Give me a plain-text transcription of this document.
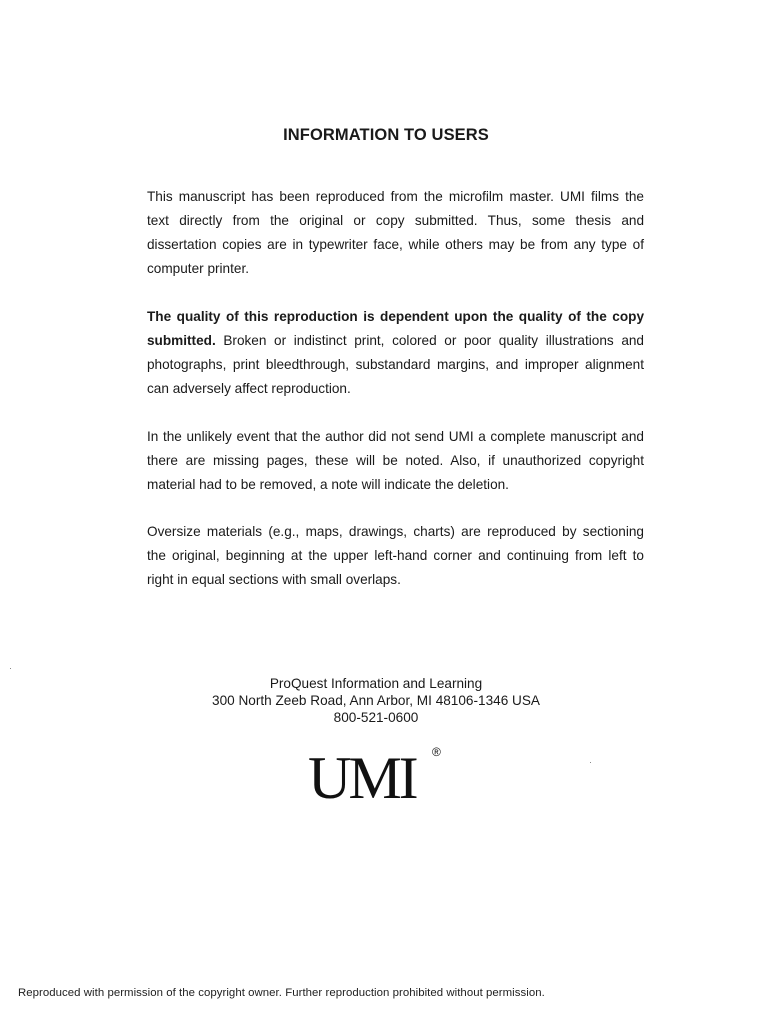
INFORMATION TO USERS
This manuscript has been reproduced from the microfilm master. UMI films the text directly from the original or copy submitted. Thus, some thesis and dissertation copies are in typewriter face, while others may be from any type of computer printer.
The quality of this reproduction is dependent upon the quality of the copy submitted. Broken or indistinct print, colored or poor quality illustrations and photographs, print bleedthrough, substandard margins, and improper alignment can adversely affect reproduction.
In the unlikely event that the author did not send UMI a complete manuscript and there are missing pages, these will be noted. Also, if unauthorized copyright material had to be removed, a note will indicate the deletion.
Oversize materials (e.g., maps, drawings, charts) are reproduced by sectioning the original, beginning at the upper left-hand corner and continuing from left to right in equal sections with small overlaps.
ProQuest Information and Learning
300 North Zeeb Road, Ann Arbor, MI 48106-1346 USA
800-521-0600
UMI ®
Reproduced with permission of the copyright owner. Further reproduction prohibited without permission.
